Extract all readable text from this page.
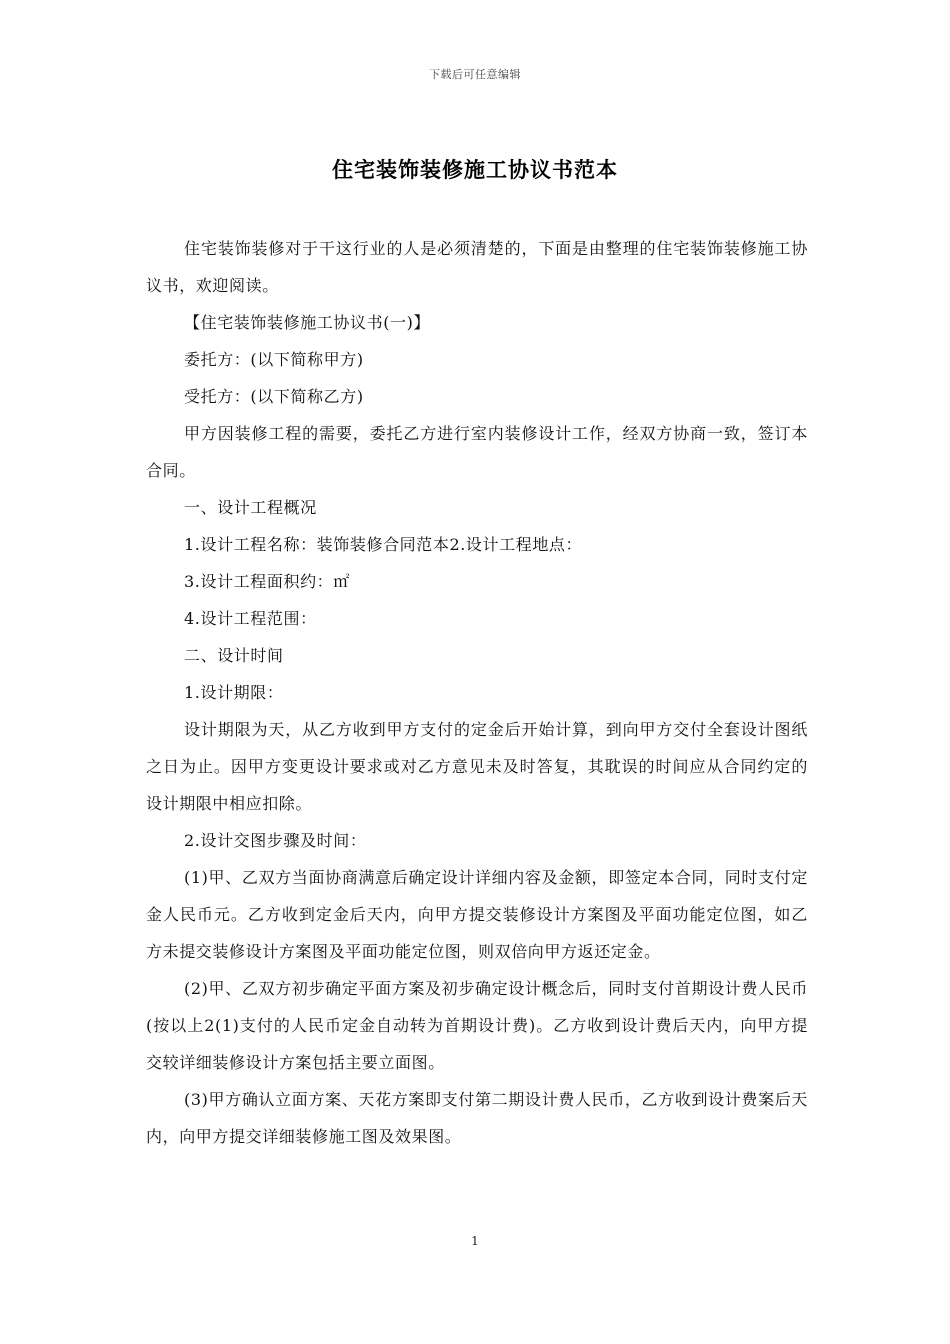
下载后可任意编辑
住宅装饰装修施工协议书范本

住宅装饰装修对于干这行业的人是必须清楚的，下面是由整理的住宅装饰装修施工协议书，欢迎阅读。

【住宅装饰装修施工协议书(一)】

委托方：(以下简称甲方)

受托方：(以下简称乙方)

甲方因装修工程的需要，委托乙方进行室内装修设计工作，经双方协商一致，签订本合同。

一、设计工程概况

1.设计工程名称：装饰装修合同范本2.设计工程地点：

3.设计工程面积约：㎡

4.设计工程范围：

二、设计时间

1.设计期限：

设计期限为天，从乙方收到甲方支付的定金后开始计算，到向甲方交付全套设计图纸之日为止。因甲方变更设计要求或对乙方意见未及时答复，其耽误的时间应从合同约定的设计期限中相应扣除。

2.设计交图步骤及时间：

(1)甲、乙双方当面协商满意后确定设计详细内容及金额，即签定本合同，同时支付定金人民币元。乙方收到定金后天内，向甲方提交装修设计方案图及平面功能定位图，如乙方未提交装修设计方案图及平面功能定位图，则双倍向甲方返还定金。

(2)甲、乙双方初步确定平面方案及初步确定设计概念后，同时支付首期设计费人民币(按以上2(1)支付的人民币定金自动转为首期设计费)。乙方收到设计费后天内，向甲方提交较详细装修设计方案包括主要立面图。

(3)甲方确认立面方案、天花方案即支付第二期设计费人民币，乙方收到设计费案后天内，向甲方提交详细装修施工图及效果图。

1
